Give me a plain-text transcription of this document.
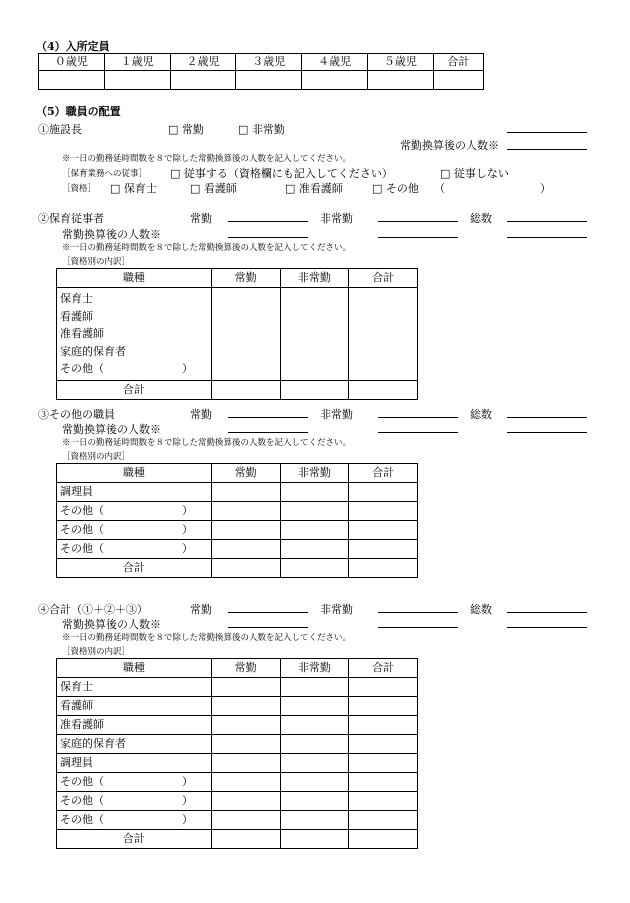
（4）入所定員
０歳児	１歳児	２歳児	３歳児	４歳児	５歳児	合計

（5）職員の配置
①施設長	□ 常勤	□ 非常勤
常勤換算後の人数※
※一日の勤務延時間数を８で除した常勤換算後の人数を記入してください。
［保育業務への従事］ □ 従事する（資格欄にも記入してください）	□ 従事しない
［資格］ □ 保育士	□ 看護師	□ 准看護師	□ その他 （	）
②保育従事者	常勤	非常勤	総数
常勤換算後の人数※
※一日の勤務延時間数を８で除した常勤換算後の人数を記入してください。
［資格別の内訳］
職種	常勤	非常勤	合計

保育士
看護師
准看護師
家庭的保育者
その他（ ）			

合計			
③その他の職員	常勤	非常勤	総数
常勤換算後の人数※
※一日の勤務延時間数を８で除した常勤換算後の人数を記入してください。
［資格別の内訳］
職種	常勤	非常勤	合計
調理員			
その他（ ）			
その他（ ）			
その他（ ）			
合計			
④合計（①＋②＋③）	常勤	非常勤	総数
常勤換算後の人数※
※一日の勤務延時間数を８で除した常勤換算後の人数を記入してください。
［資格別の内訳］
職種	常勤	非常勤	合計
保育士			
看護師			
准看護師			
家庭的保育者			
調理員			
その他（ ）			
その他（ ）			
その他（ ）			
合計			
